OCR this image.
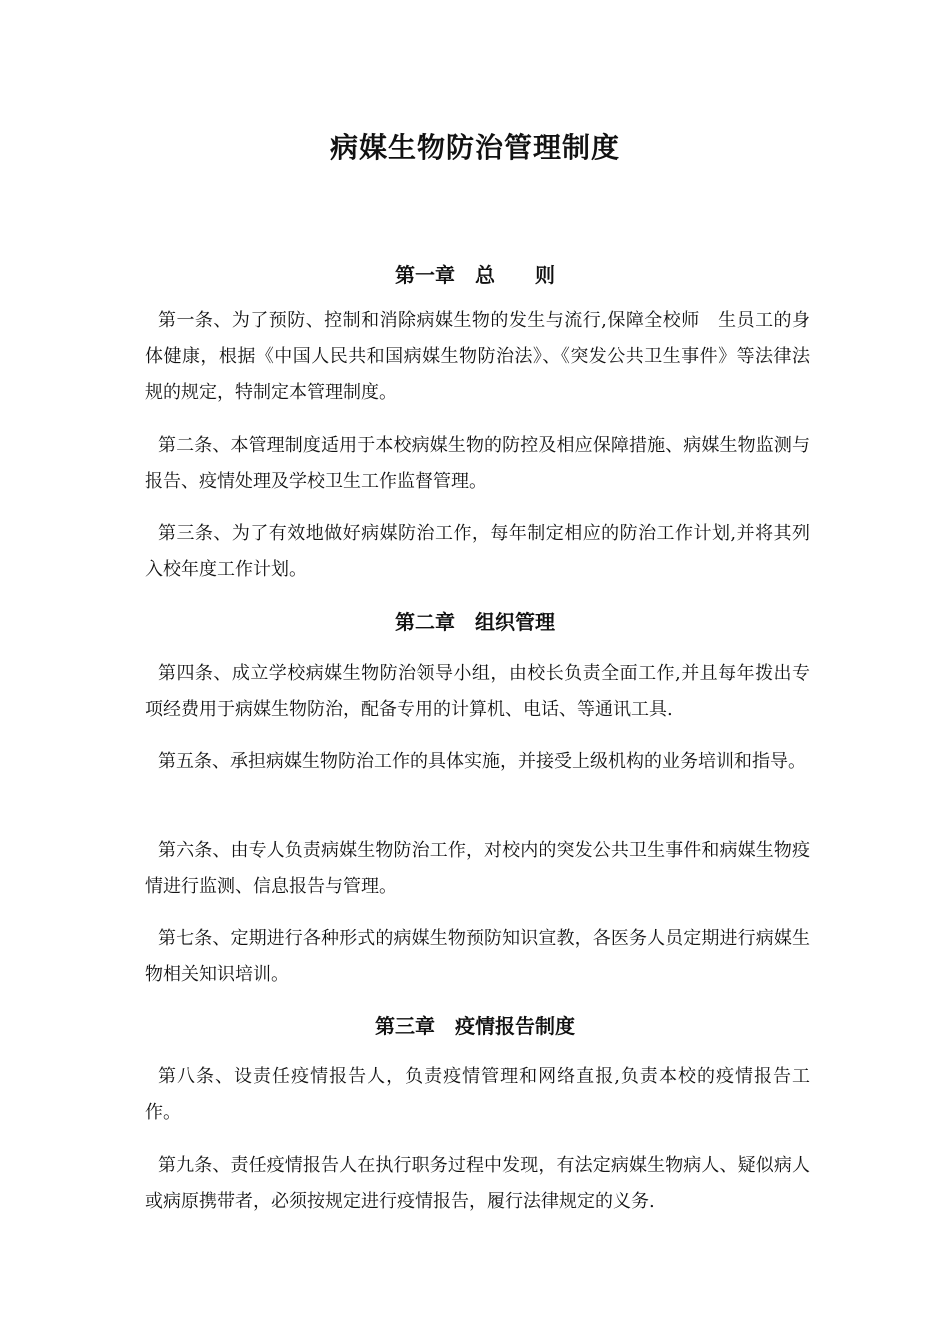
病媒生物防治管理制度
第一章　总　　则

第一条、为了预防、控制和消除病媒生物的发生与流行,保障全校师　生员工的身体健康，根据《中国人民共和国病媒生物防治法》、《突发公共卫生事件》等法律法规的规定，特制定本管理制度。

第二条、本管理制度适用于本校病媒生物的防控及相应保障措施、病媒生物监测与报告、疫情处理及学校卫生工作监督管理。

第三条、为了有效地做好病媒防治工作，每年制定相应的防治工作计划,并将其列入校年度工作计划。

第二章　组织管理

第四条、成立学校病媒生物防治领导小组，由校长负责全面工作,并且每年拨出专项经费用于病媒生物防治，配备专用的计算机、电话、等通讯工具.

第五条、承担病媒生物防治工作的具体实施，并接受上级机构的业务培训和指导。

第六条、由专人负责病媒生物防治工作，对校内的突发公共卫生事件和病媒生物疫情进行监测、信息报告与管理。

第七条、定期进行各种形式的病媒生物预防知识宣教，各医务人员定期进行病媒生物相关知识培训。

第三章　疫情报告制度

第八条、设责任疫情报告人，负责疫情管理和网络直报,负责本校的疫情报告工作。

第九条、责任疫情报告人在执行职务过程中发现，有法定病媒生物病人、疑似病人或病原携带者，必须按规定进行疫情报告，履行法律规定的义务.
